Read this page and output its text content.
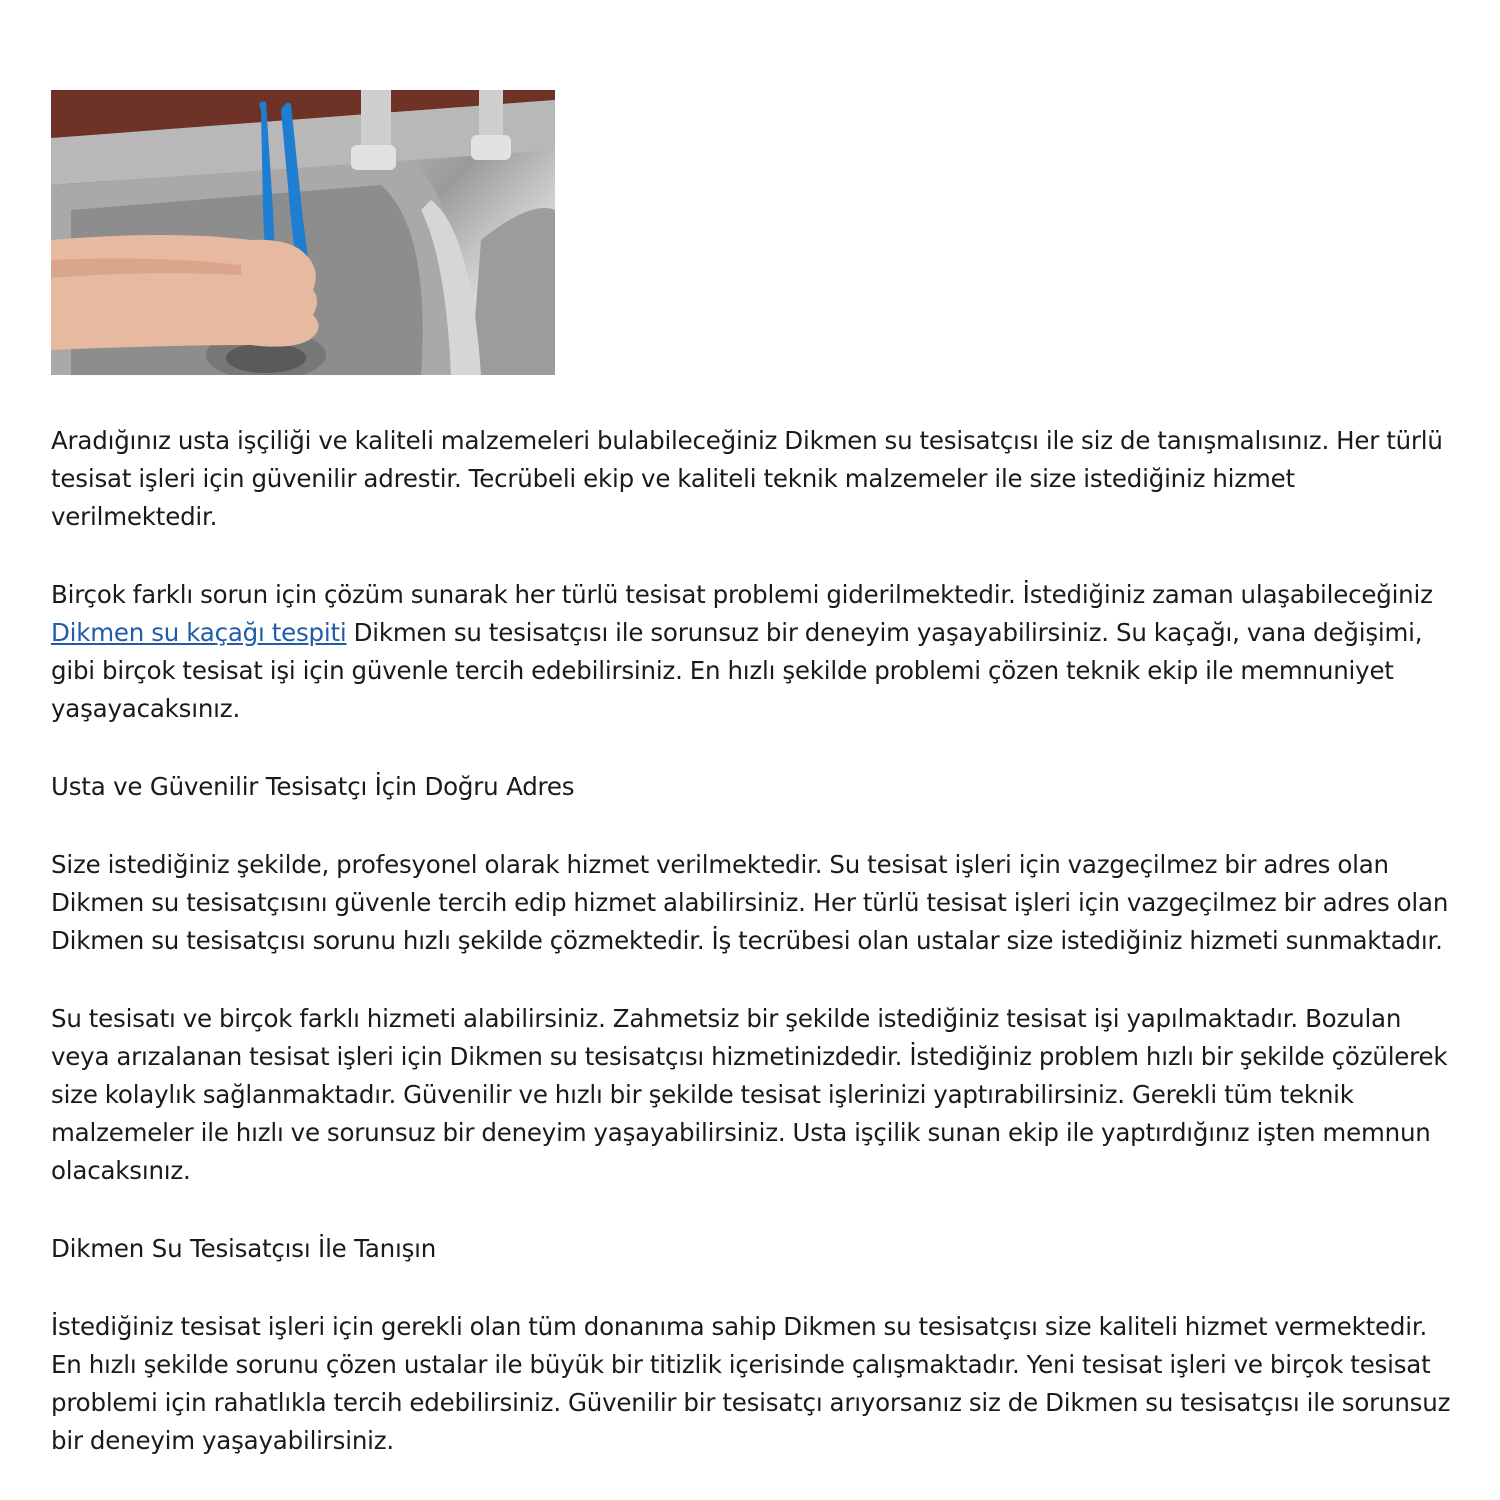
Aradığınız usta işçiliği ve kaliteli malzemeleri bulabileceğiniz Dikmen su tesisatçısı ile siz de tanışmalısınız. Her türlü tesisat işleri için güvenilir adrestir. Tecrübeli ekip ve kaliteli teknik malzemeler ile size istediğiniz hizmet verilmektedir.

Birçok farklı sorun için çözüm sunarak her türlü tesisat problemi giderilmektedir. İstediğiniz zaman ulaşabileceğiniz Dikmen su kaçağı tespiti Dikmen su tesisatçısı ile sorunsuz bir deneyim yaşayabilirsiniz. Su kaçağı, vana değişimi, gibi birçok tesisat işi için güvenle tercih edebilirsiniz. En hızlı şekilde problemi çözen teknik ekip ile memnuniyet yaşayacaksınız.

Usta ve Güvenilir Tesisatçı İçin Doğru Adres

Size istediğiniz şekilde, profesyonel olarak hizmet verilmektedir. Su tesisat işleri için vazgeçilmez bir adres olan Dikmen su tesisatçısını güvenle tercih edip hizmet alabilirsiniz. Her türlü tesisat işleri için vazgeçilmez bir adres olan Dikmen su tesisatçısı sorunu hızlı şekilde çözmektedir. İş tecrübesi olan ustalar size istediğiniz hizmeti sunmaktadır.

Su tesisatı ve birçok farklı hizmeti alabilirsiniz. Zahmetsiz bir şekilde istediğiniz tesisat işi yapılmaktadır. Bozulan veya arızalanan tesisat işleri için Dikmen su tesisatçısı hizmetinizdedir. İstediğiniz problem hızlı bir şekilde çözülerek size kolaylık sağlanmaktadır. Güvenilir ve hızlı bir şekilde tesisat işlerinizi yaptırabilirsiniz. Gerekli tüm teknik malzemeler ile hızlı ve sorunsuz bir deneyim yaşayabilirsiniz. Usta işçilik sunan ekip ile yaptırdığınız işten memnun olacaksınız.

Dikmen Su Tesisatçısı İle Tanışın

İstediğiniz tesisat işleri için gerekli olan tüm donanıma sahip Dikmen su tesisatçısı size kaliteli hizmet vermektedir. En hızlı şekilde sorunu çözen ustalar ile büyük bir titizlik içerisinde çalışmaktadır. Yeni tesisat işleri ve birçok tesisat problemi için rahatlıkla tercih edebilirsiniz. Güvenilir bir tesisatçı arıyorsanız siz de Dikmen su tesisatçısı ile sorunsuz bir deneyim yaşayabilirsiniz.
